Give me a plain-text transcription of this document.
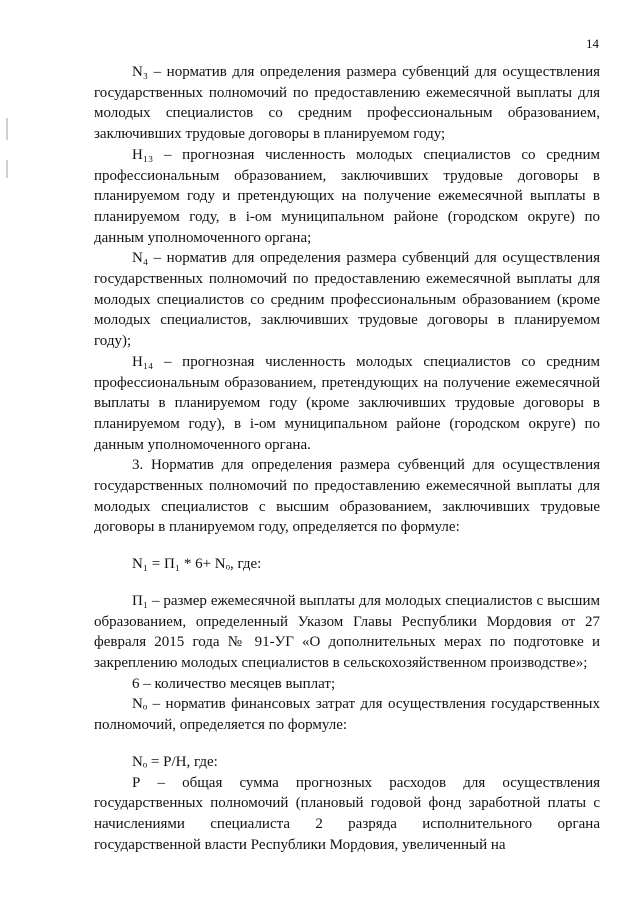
14

N₃ – норматив для определения размера субвенций для осуществления государственных полномочий по предоставлению ежемесячной выплаты для молодых специалистов со средним профессиональным образованием, заключивших трудовые договоры в планируемом году;

Н₁₃ – прогнозная численность молодых специалистов со средним профессиональным образованием, заключивших трудовые договоры в планируемом году и претендующих на получение ежемесячной выплаты в планируемом году, в i-ом муниципальном районе (городском округе) по данным уполномоченного органа;

N₄ – норматив для определения размера субвенций для осуществления государственных полномочий по предоставлению ежемесячной выплаты для молодых специалистов со средним профессиональным образованием (кроме молодых специалистов, заключивших трудовые договоры в планируемом году);

Н₁₄ – прогнозная численность молодых специалистов со средним профессиональным образованием, претендующих на получение ежемесячной выплаты в планируемом году (кроме заключивших трудовые договоры в планируемом году), в i-ом муниципальном районе (городском округе) по данным уполномоченного органа.

3. Норматив для определения размера субвенций для осуществления государственных полномочий по предоставлению ежемесячной выплаты для молодых специалистов с высшим образованием, заключивших трудовые договоры в планируемом году, определяется по формуле:

N₁ = П₁ * 6+ Nₒ, где:

П₁ – размер ежемесячной выплаты для молодых специалистов с высшим образованием, определенный Указом Главы Республики Мордовия от 27 февраля 2015 года № 91-УГ «О дополнительных мерах по подготовке и закреплению молодых специалистов в сельскохозяйственном производстве»;

6 – количество месяцев выплат;

Nₒ – норматив финансовых затрат для осуществления государственных полномочий, определяется по формуле:

Nₒ = Р/Н, где:

Р – общая сумма прогнозных расходов для осуществления государственных полномочий (плановый годовой фонд заработной платы с начислениями специалиста 2 разряда исполнительного органа государственной власти Республики Мордовия, увеличенный на
